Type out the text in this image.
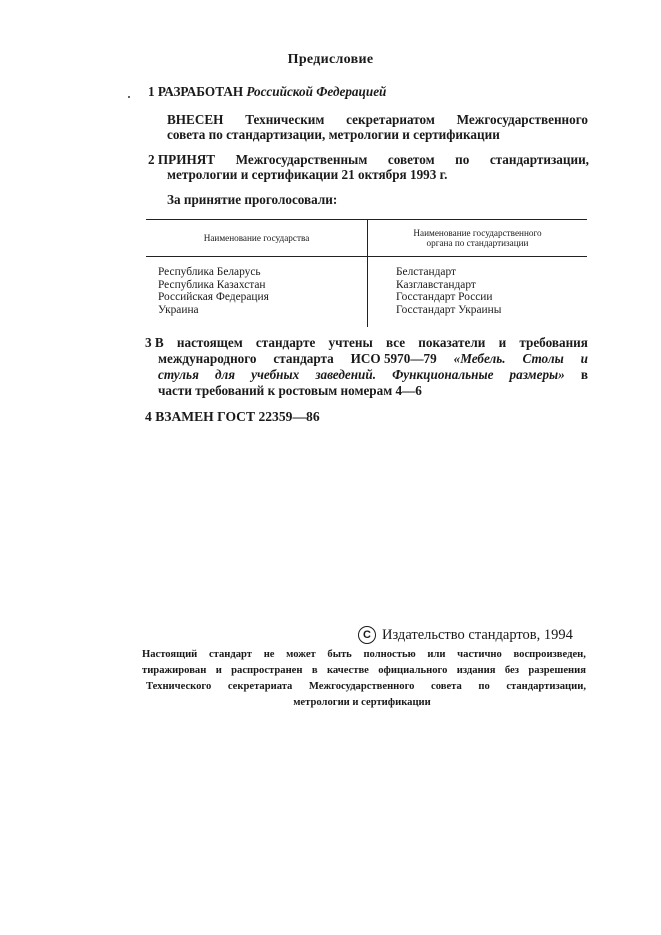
Предисловие
1 РАЗРАБОТАН Российской Федерацией
ВНЕСЕН Техническим секретариатом Межгосударственного
совета по стандартизации, метрологии и сертификации
2 ПРИНЯТ Межгосударственным советом по стандартизации,
метрологии и сертификации 21 октября 1993 г.
За принятие проголосовали:
Наименование государства	Наименование государственного
органа по стандартизации
Республика Беларусь
Республика Казахстан
Российская Федерация
Украина
Белстандарт
Казглавстандарт
Госстандарт России
Госстандарт Украины
3 В настоящем стандарте учтены все показатели и требования
международного стандарта ИСО 5970—79 «Мебель. Столы и
стулья для учебных заведений. Функциональные размеры» в
части требований к ростовым номерам 4—6
4 ВЗАМЕН ГОСТ 22359—86
C Издательство стандартов, 1994
Настоящий стандарт не может быть полностью или частично воспроизведен,
тиражирован и распространен в качестве официального издания без разрешения
Технического секретариата Межгосударственного совета по стандартизации,
метрологии и сертификации
